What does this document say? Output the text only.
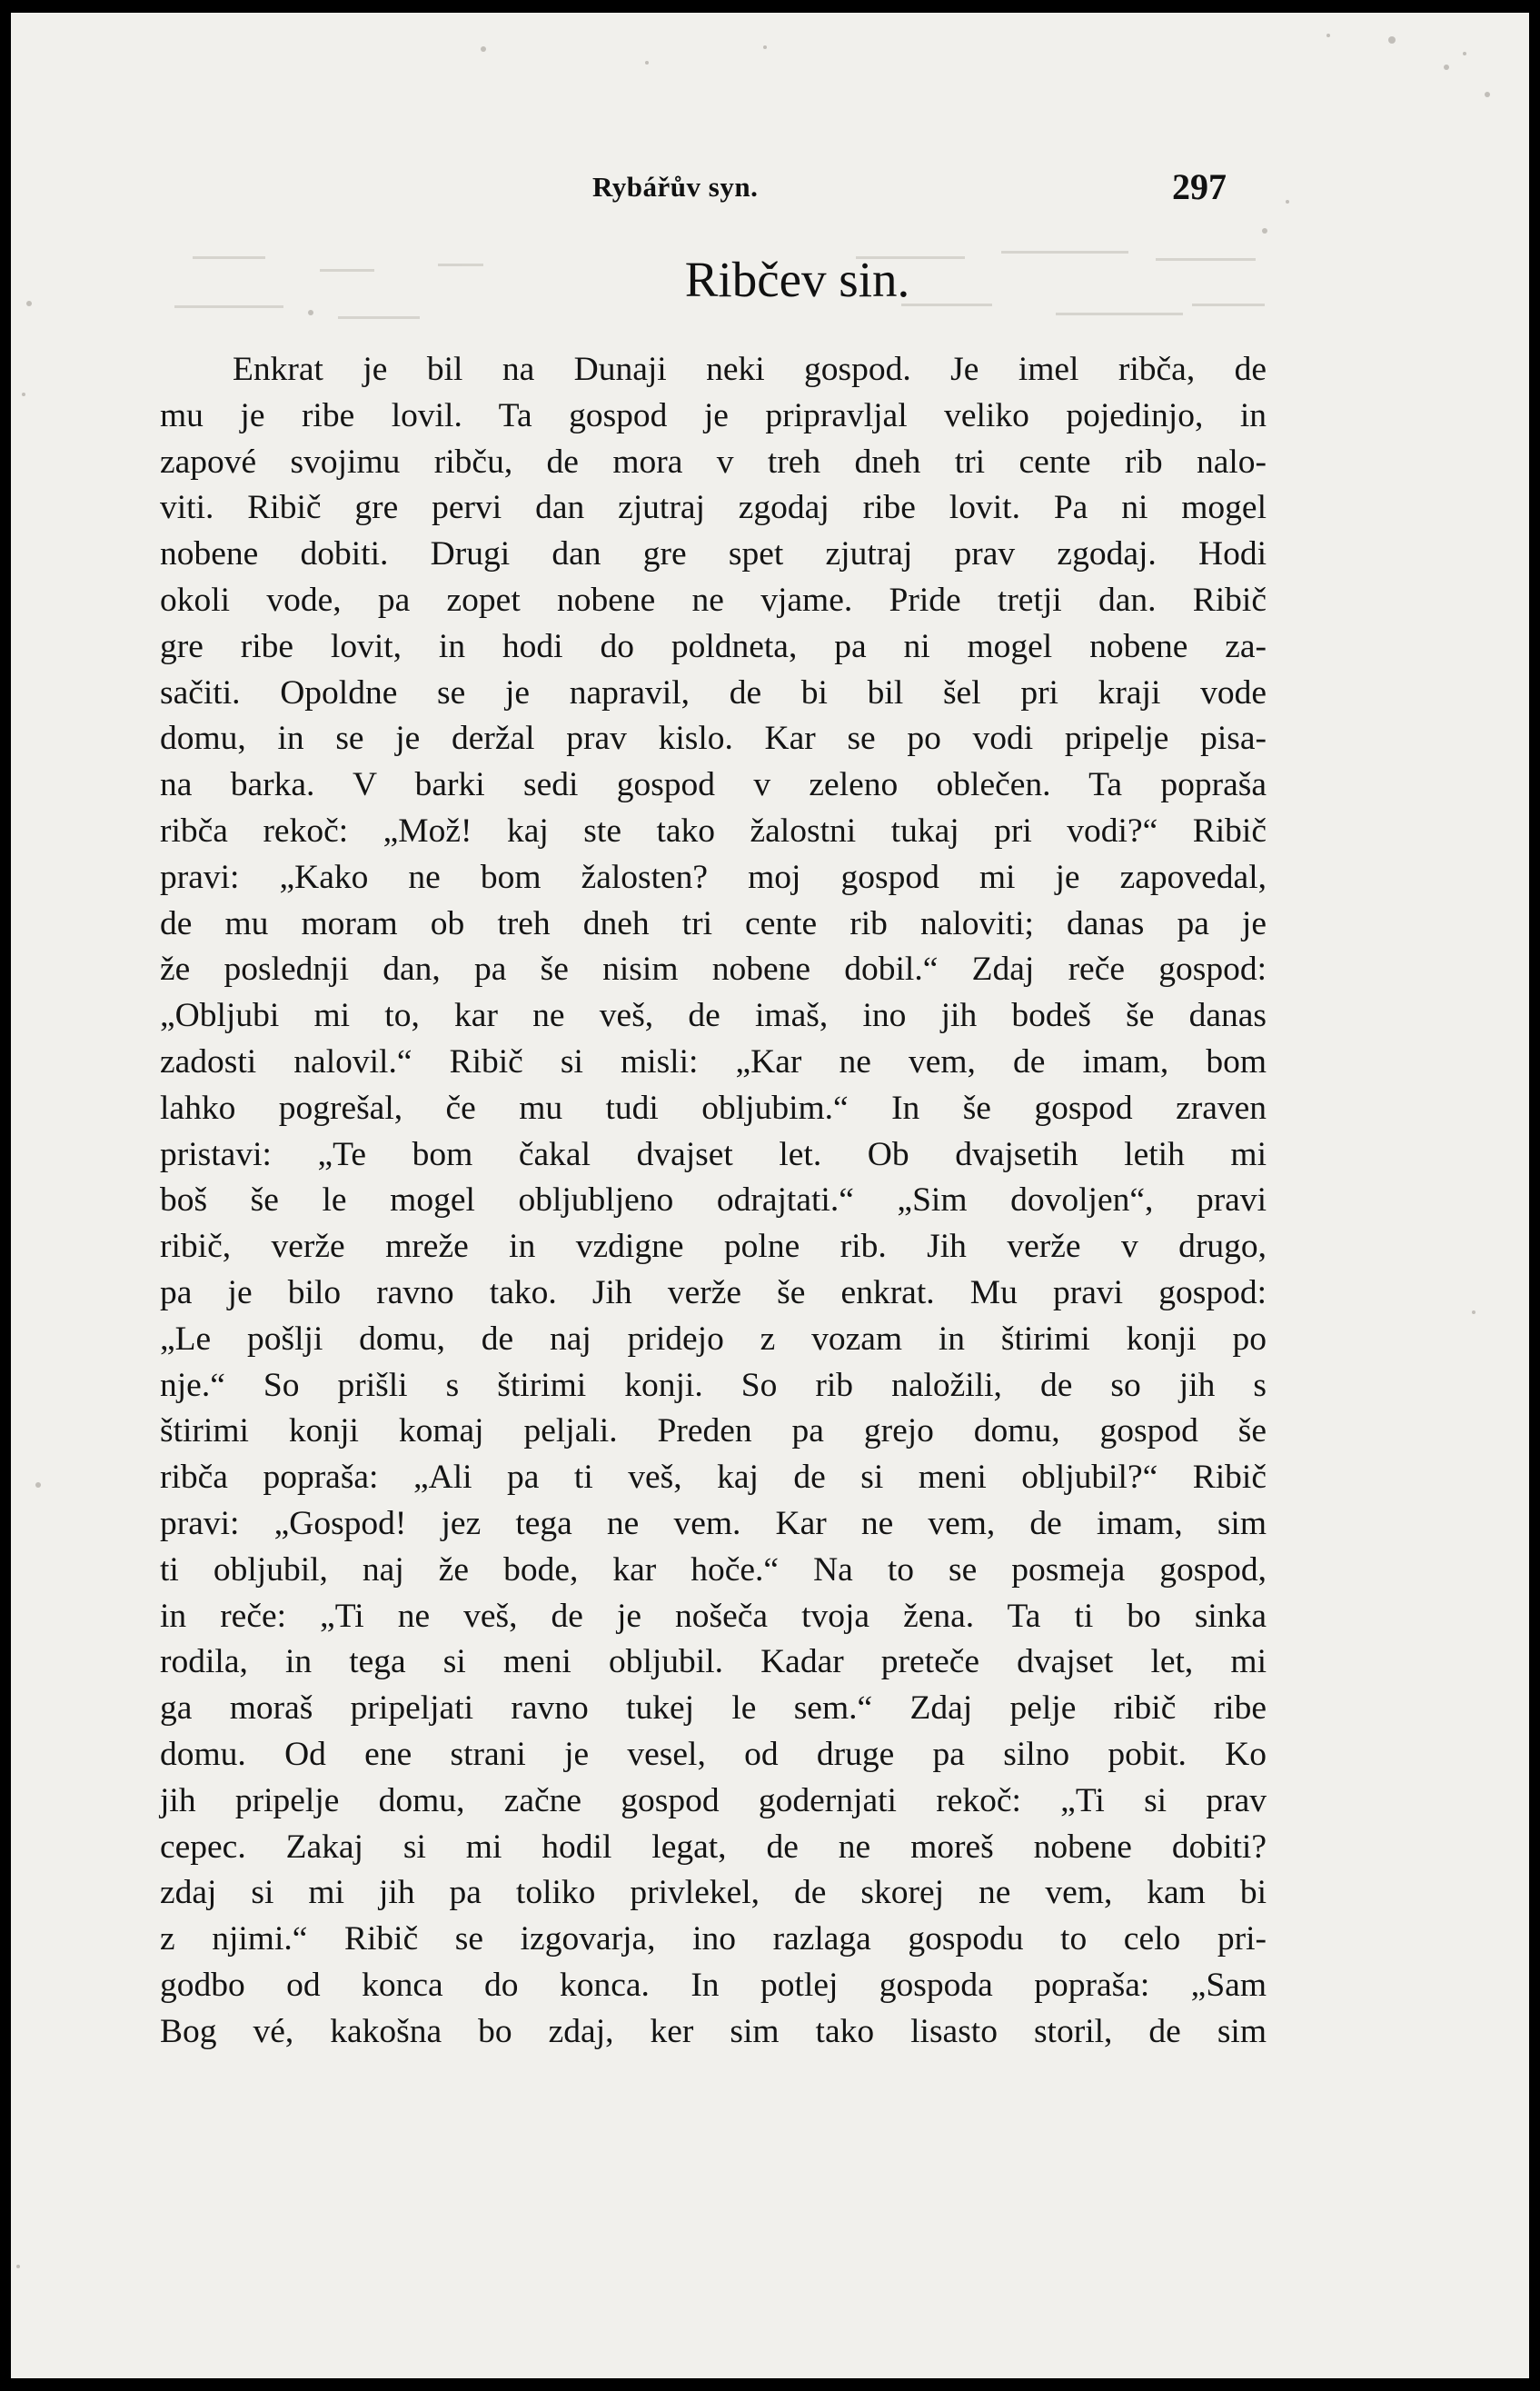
Rybářův syn.	297
Ribčev sin.
Enkrat je bil na Dunaji neki gospod. Je imel ribča, de
mu je ribe lovil. Ta gospod je pripravljal veliko pojedinjo, in
zapové svojimu ribču, de mora v treh dneh tri cente rib nalo-
viti. Ribič gre pervi dan zjutraj zgodaj ribe lovit. Pa ni mogel
nobene dobiti. Drugi dan gre spet zjutraj prav zgodaj. Hodi
okoli vode, pa zopet nobene ne vjame. Pride tretji dan. Ribič
gre ribe lovit, in hodi do poldneta, pa ni mogel nobene za-
sačiti. Opoldne se je napravil, de bi bil šel pri kraji vode
domu, in se je deržal prav kislo. Kar se po vodi pripelje pisa-
na barka. V barki sedi gospod v zeleno oblečen. Ta popraša
ribča rekoč: „Mož! kaj ste tako žalostni tukaj pri vodi?“ Ribič
pravi: „Kako ne bom žalosten? moj gospod mi je zapovedal,
de mu moram ob treh dneh tri cente rib naloviti; danas pa je
že poslednji dan, pa še nisim nobene dobil.“ Zdaj reče gospod:
„Obljubi mi to, kar ne veš, de imaš, ino jih bodeš še danas
zadosti nalovil.“ Ribič si misli: „Kar ne vem, de imam, bom
lahko pogrešal, če mu tudi obljubim.“ In še gospod zraven
pristavi: „Te bom čakal dvajset let. Ob dvajsetih letih mi
boš še le mogel obljubljeno odrajtati.“ „Sim dovoljen“, pravi
ribič, verže mreže in vzdigne polne rib. Jih verže v drugo,
pa je bilo ravno tako. Jih verže še enkrat. Mu pravi gospod:
„Le pošlji domu, de naj pridejo z vozam in štirimi konji po
nje.“ So prišli s štirimi konji. So rib naložili, de so jih s
štirimi konji komaj peljali. Preden pa grejo domu, gospod še
ribča popraša: „Ali pa ti veš, kaj de si meni obljubil?“ Ribič
pravi: „Gospod! jez tega ne vem. Kar ne vem, de imam, sim
ti obljubil, naj že bode, kar hoče.“ Na to se posmeja gospod,
in reče: „Ti ne veš, de je nošeča tvoja žena. Ta ti bo sinka
rodila, in tega si meni obljubil. Kadar preteče dvajset let, mi
ga moraš pripeljati ravno tukej le sem.“ Zdaj pelje ribič ribe
domu. Od ene strani je vesel, od druge pa silno pobit. Ko
jih pripelje domu, začne gospod godernjati rekoč: „Ti si prav
cepec. Zakaj si mi hodil legat, de ne moreš nobene dobiti?
zdaj si mi jih pa toliko privlekel, de skorej ne vem, kam bi
z njimi.“ Ribič se izgovarja, ino razlaga gospodu to celo pri-
godbo od konca do konca. In potlej gospoda popraša: „Sam
Bog vé, kakošna bo zdaj, ker sim tako lisasto storil, de sim
